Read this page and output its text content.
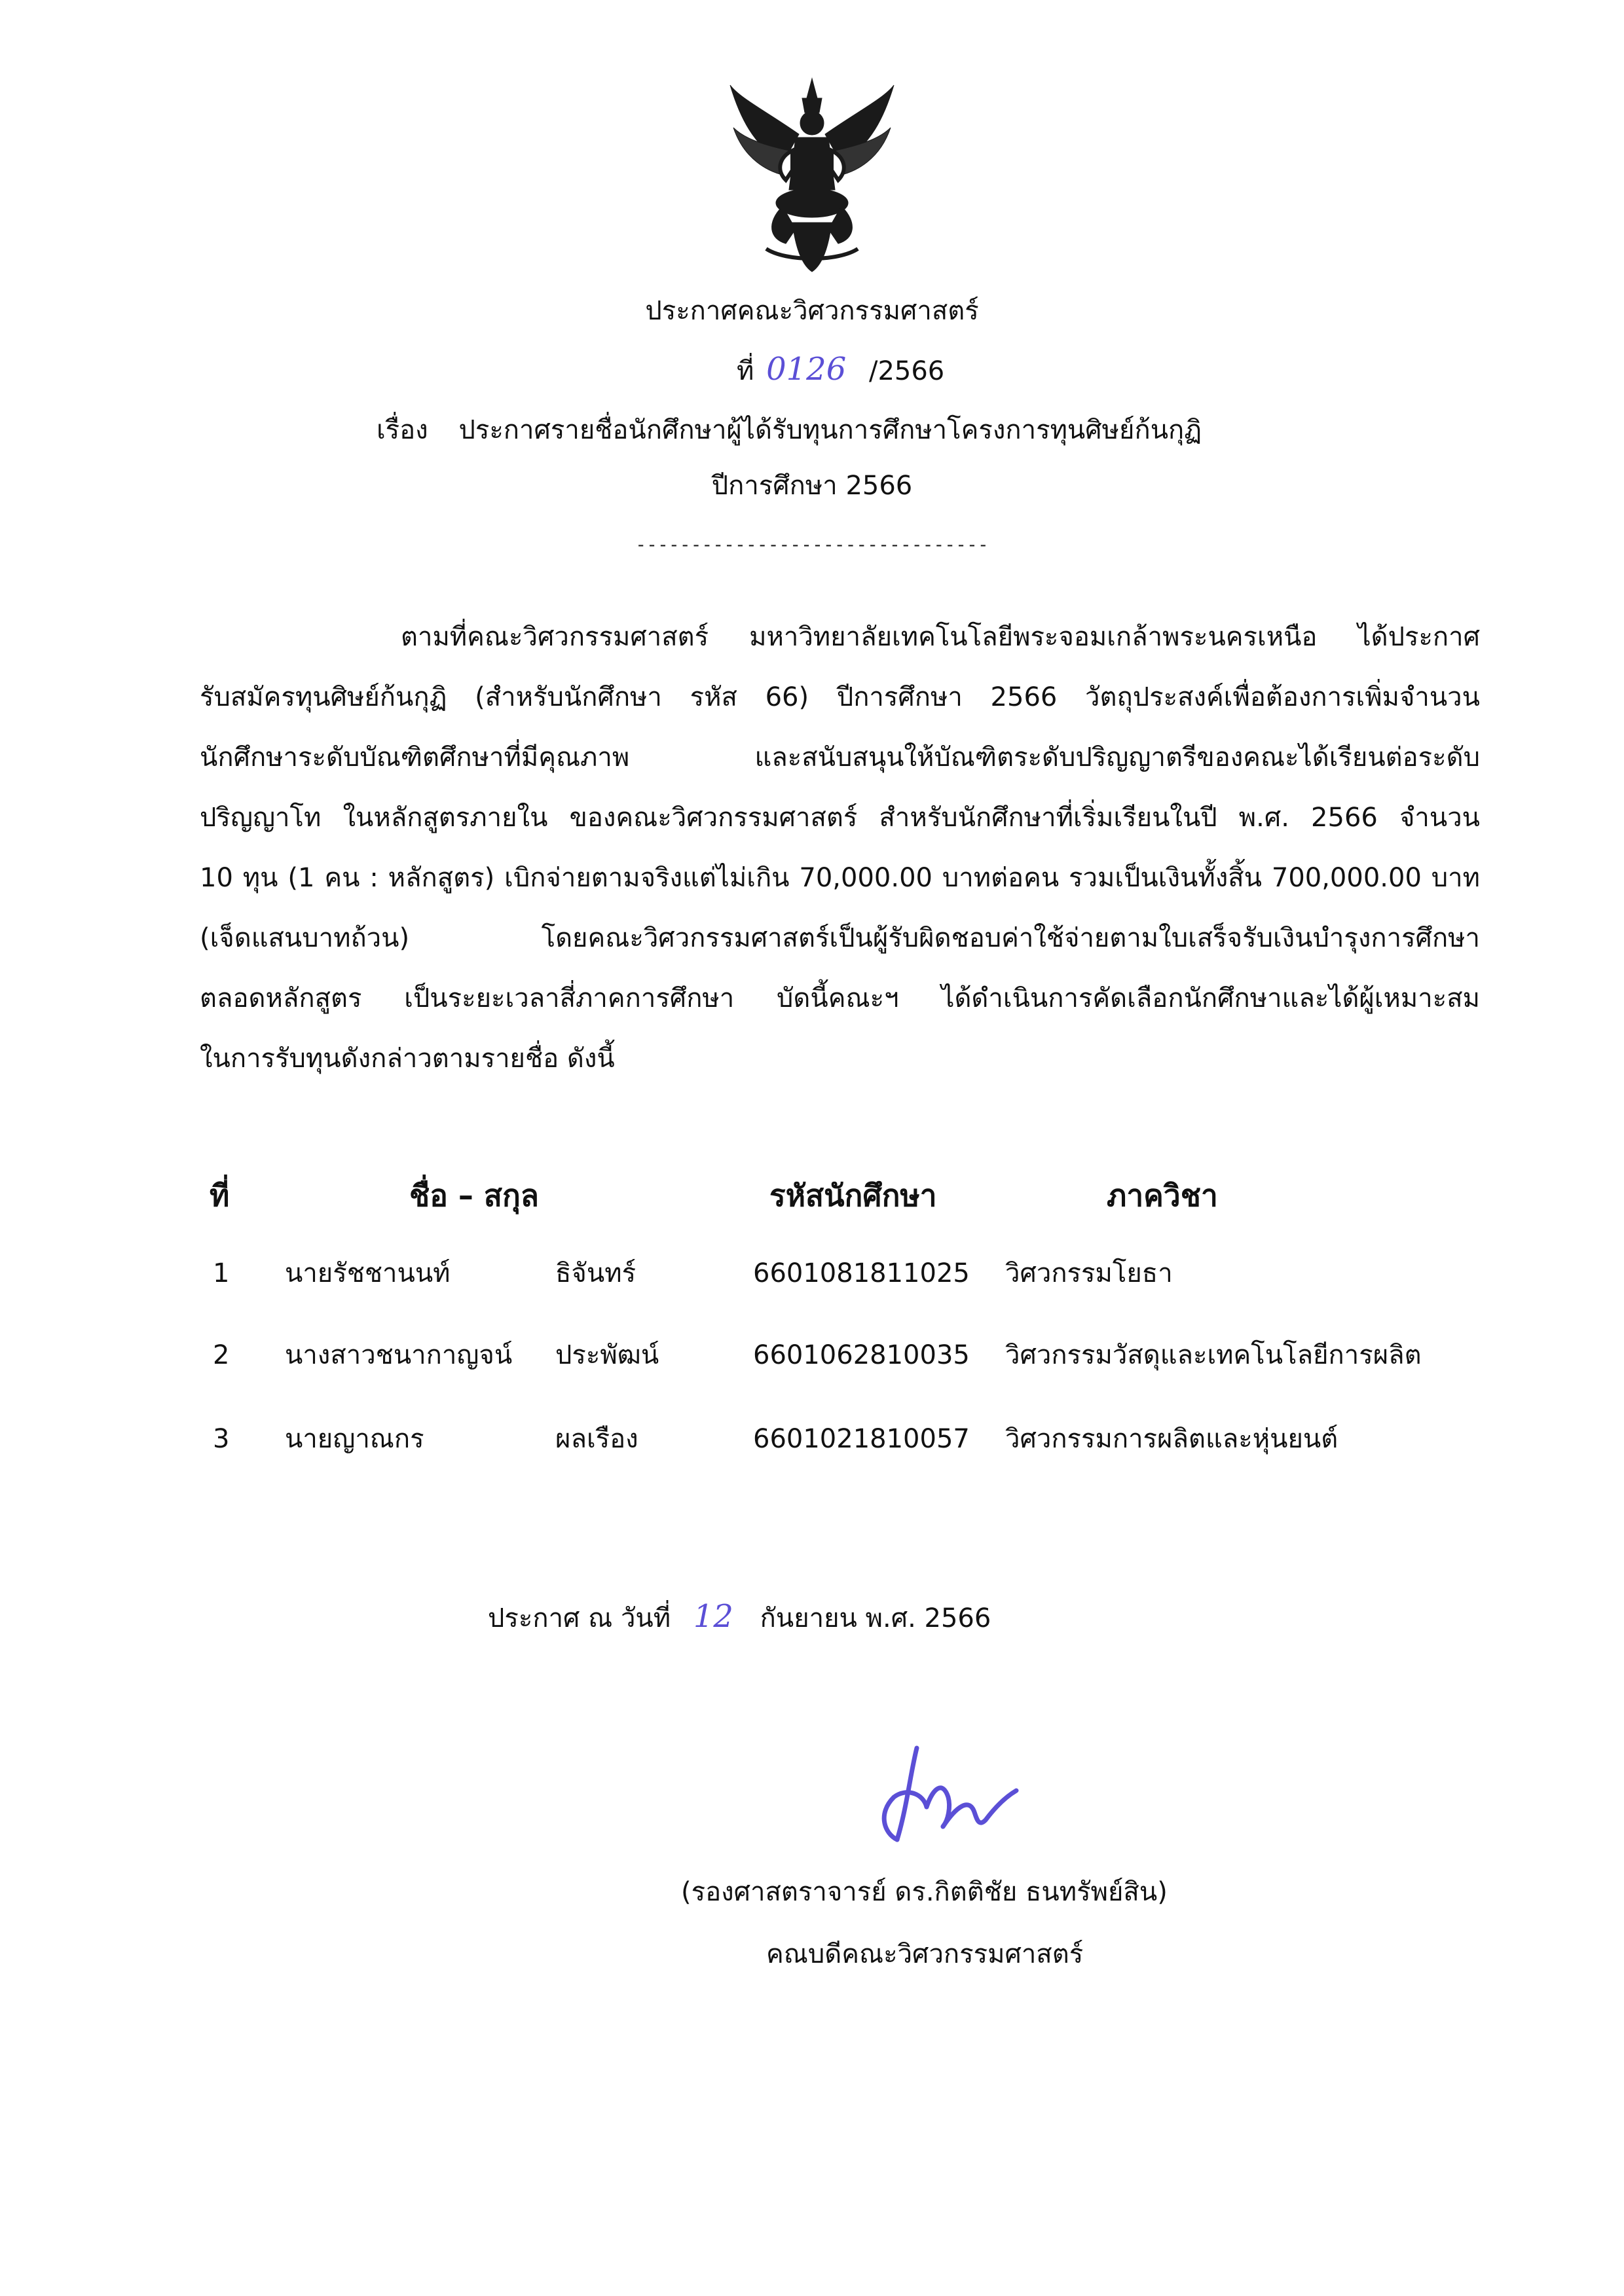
ประกาศคณะวิศวกรรมศาสตร์
ที่ 0126 /2566
เรื่อง ประกาศรายชื่อนักศึกษาผู้ได้รับทุนการศึกษาโครงการทุนศิษย์ก้นกุฏิ
ปีการศึกษา 2566
--------------------------------
ตามที่คณะวิศวกรรมศาสตร์ มหาวิทยาลัยเทคโนโลยีพระจอมเกล้าพระนครเหนือ ได้ประกาศ
รับสมัครทุนศิษย์ก้นกุฏิ (สำหรับนักศึกษา รหัส 66) ปีการศึกษา 2566 วัตถุประสงค์เพื่อต้องการเพิ่มจำนวน
นักศึกษาระดับบัณฑิตศึกษาที่มีคุณภาพ และสนับสนุนให้บัณฑิตระดับปริญญาตรีของคณะได้เรียนต่อระดับ
ปริญญาโท ในหลักสูตรภายใน ของคณะวิศวกรรมศาสตร์ สำหรับนักศึกษาที่เริ่มเรียนในปี พ.ศ. 2566 จำนวน
10 ทุน (1 คน : หลักสูตร) เบิกจ่ายตามจริงแต่ไม่เกิน 70,000.00 บาทต่อคน รวมเป็นเงินทั้งสิ้น 700,000.00 บาท
(เจ็ดแสนบาทถ้วน) โดยคณะวิศวกรรมศาสตร์เป็นผู้รับผิดชอบค่าใช้จ่ายตามใบเสร็จรับเงินบำรุงการศึกษา
ตลอดหลักสูตร เป็นระยะเวลาสี่ภาคการศึกษา บัดนี้คณะฯ ได้ดำเนินการคัดเลือกนักศึกษาและได้ผู้เหมาะสม
ในการรับทุนดังกล่าวตามรายชื่อ ดังนี้
ที่	ชื่อ – สกุล	รหัสนักศึกษา	ภาควิชา
1 นายรัชชานนท์	ธิจันทร์	6601081811025 วิศวกรรมโยธา
2 นางสาวชนากาญจน์ ประพัฒน์	6601062810035 วิศวกรรมวัสดุและเทคโนโลยีการผลิต
3 นายญาณกร	ผลเรือง	6601021810057 วิศวกรรมการผลิตและหุ่นยนต์
ประกาศ ณ วันที่ 12 กันยายน พ.ศ. 2566
(รองศาสตราจารย์ ดร.กิตติชัย ธนทรัพย์สิน)
คณบดีคณะวิศวกรรมศาสตร์
